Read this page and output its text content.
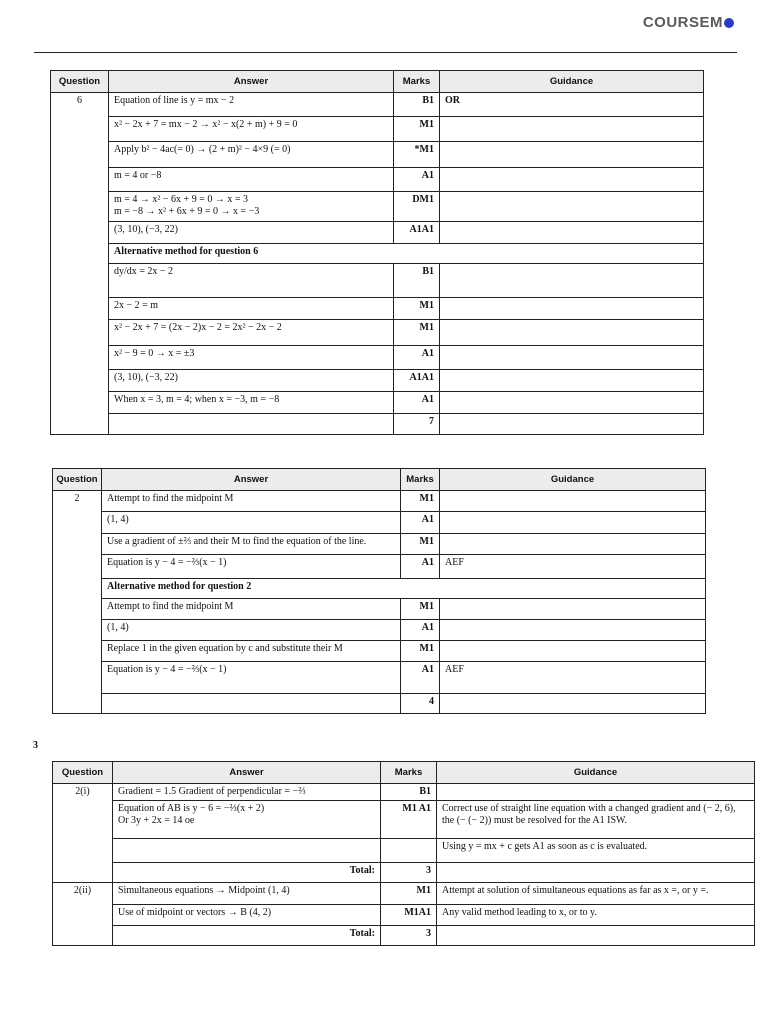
COURSEM
Question	Answer	Marks	Guidance
6	Equation of line is y = mx − 2	B1	OR
	x² − 2x + 7 = mx − 2 → x² − x(2 + m) + 9 = 0	M1	
	Apply b² − 4ac(= 0) → (2 + m)² − 4×9 (= 0)	*M1	
	m = 4 or −8	A1	
	m = 4 → x² − 6x + 9 = 0 → x = 3
m = −8 → x² + 6x + 9 = 0 → x = −3	DM1	
	(3, 10), (−3, 22)	A1A1	
	Alternative method for question 6		
	dy/dx = 2x − 2	B1	
	2x − 2 = m	M1	
	x² − 2x + 7 = (2x − 2)x − 2 = 2x² − 2x − 2	M1	
	x² − 9 = 0 → x = ±3	A1	
	(3, 10), (−3, 22)	A1A1	
	When x = 3, m = 4; when x = −3, m = −8	A1	
		7	
Question	Answer	Marks	Guidance
2	Attempt to find the midpoint M	M1	
	(1, 4)	A1	
	Use a gradient of ±⅔ and their M to find the equation of the line.	M1	
	Equation is y − 4 = −⅔(x − 1)	A1	AEF
	Alternative method for question 2		
	Attempt to find the midpoint M	M1	
	(1, 4)	A1	
	Replace 1 in the given equation by c and substitute their M	M1	
	Equation is y − 4 = −⅔(x − 1)	A1	AEF
		4	
3
Question	Answer	Marks	Guidance
2(i)	Gradient = 1.5 Gradient of perpendicular = −⅔	B1	
	Equation of AB is y − 6 = −⅔(x + 2)
Or 3y + 2x = 14 oe	M1 A1	Correct use of straight line equation with a changed gradient and (− 2, 6), the (− (− 2)) must be resolved for the A1 ISW.
			Using y = mx + c gets A1 as soon as c is evaluated.
	Total:	3	
2(ii)	Simultaneous equations → Midpoint (1, 4)	M1	Attempt at solution of simultaneous equations as far as x =, or y =.
	Use of midpoint or vectors → B (4, 2)	M1A1	Any valid method leading to x, or to y.
	Total:	3	
